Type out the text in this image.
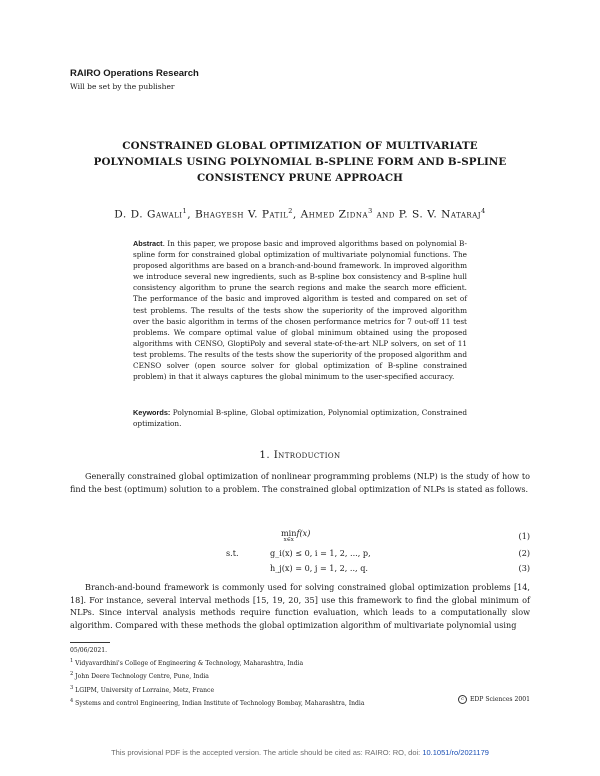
RAIRO Operations Research
Will be set by the publisher
CONSTRAINED GLOBAL OPTIMIZATION OF MULTIVARIATE
POLYNOMIALS USING POLYNOMIAL B-SPLINE FORM AND B-SPLINE
CONSISTENCY PRUNE APPROACH
D. D. Gawali$^1$, Bhagyesh V. Patil$^2$, Ahmed Zidna$^3$ and P. S. V. Nataraj$^4$
Abstract. In this paper, we propose basic and improved algorithms based on polynomial B-spline form for constrained global optimization of multivariate polynomial functions. The proposed algorithms are based on a branch-and-bound framework. In improved algorithm we introduce several new ingredients, such as B-spline box consistency and B-spline hull consistency algorithm to prune the search regions and make the search more efficient. The performance of the basic and improved algorithm is tested and compared on set of test problems. The results of the tests show the superiority of the improved algorithm over the basic algorithm in terms of the chosen performance metrics for 7 out-off 11 test problems. We compare optimal value of global minimum obtained using the proposed algorithms with CENSO, GloptiPoly and several state-of-the-art NLP solvers, on set of 11 test problems. The results of the tests show the superiority of the proposed algorithm and CENSO solver (open source solver for global optimization of B-spline constrained problem) in that it always captures the global minimum to the user-specified accuracy.
Keywords: Polynomial B-spline, Global optimization, Polynomial optimization, Constrained optimization.
1. Introduction

Generally constrained global optimization of nonlinear programming problems (NLP) is the study of how to find the best (optimum) solution to a problem. The constrained global optimization of NLPs is stated as follows.

min
x∈x
f(x)	(1)
s.t.	g_i(x) ≤ 0, i = 1, 2, ..., p,	(2)
h_j(x) = 0, j = 1, 2, .., q.	(3)

Branch-and-bound framework is commonly used for solving constrained global optimization problems [14, 18]. For instance, several interval methods [15, 19, 20, 35] use this framework to find the global minimum of NLPs. Since interval analysis methods require function evaluation, which leads to a computationally slow algorithm. Compared with these methods the global optimization algorithm of multivariate polynomial using

05/06/2021.
$^1$ Vidyavardhini's College of Engineering & Technology, Maharashtra, India
$^2$ John Deere Technology Centre, Pune, India
$^3$ LGIPM, University of Lorraine, Metz, France
$^4$ Systems and control Engineering, Indian Institute of Technology Bombay, Maharashtra, India
c EDP Sciences 2001
This provisional PDF is the accepted version. The article should be cited as: RAIRO: RO, doi: 10.1051/ro/2021179
